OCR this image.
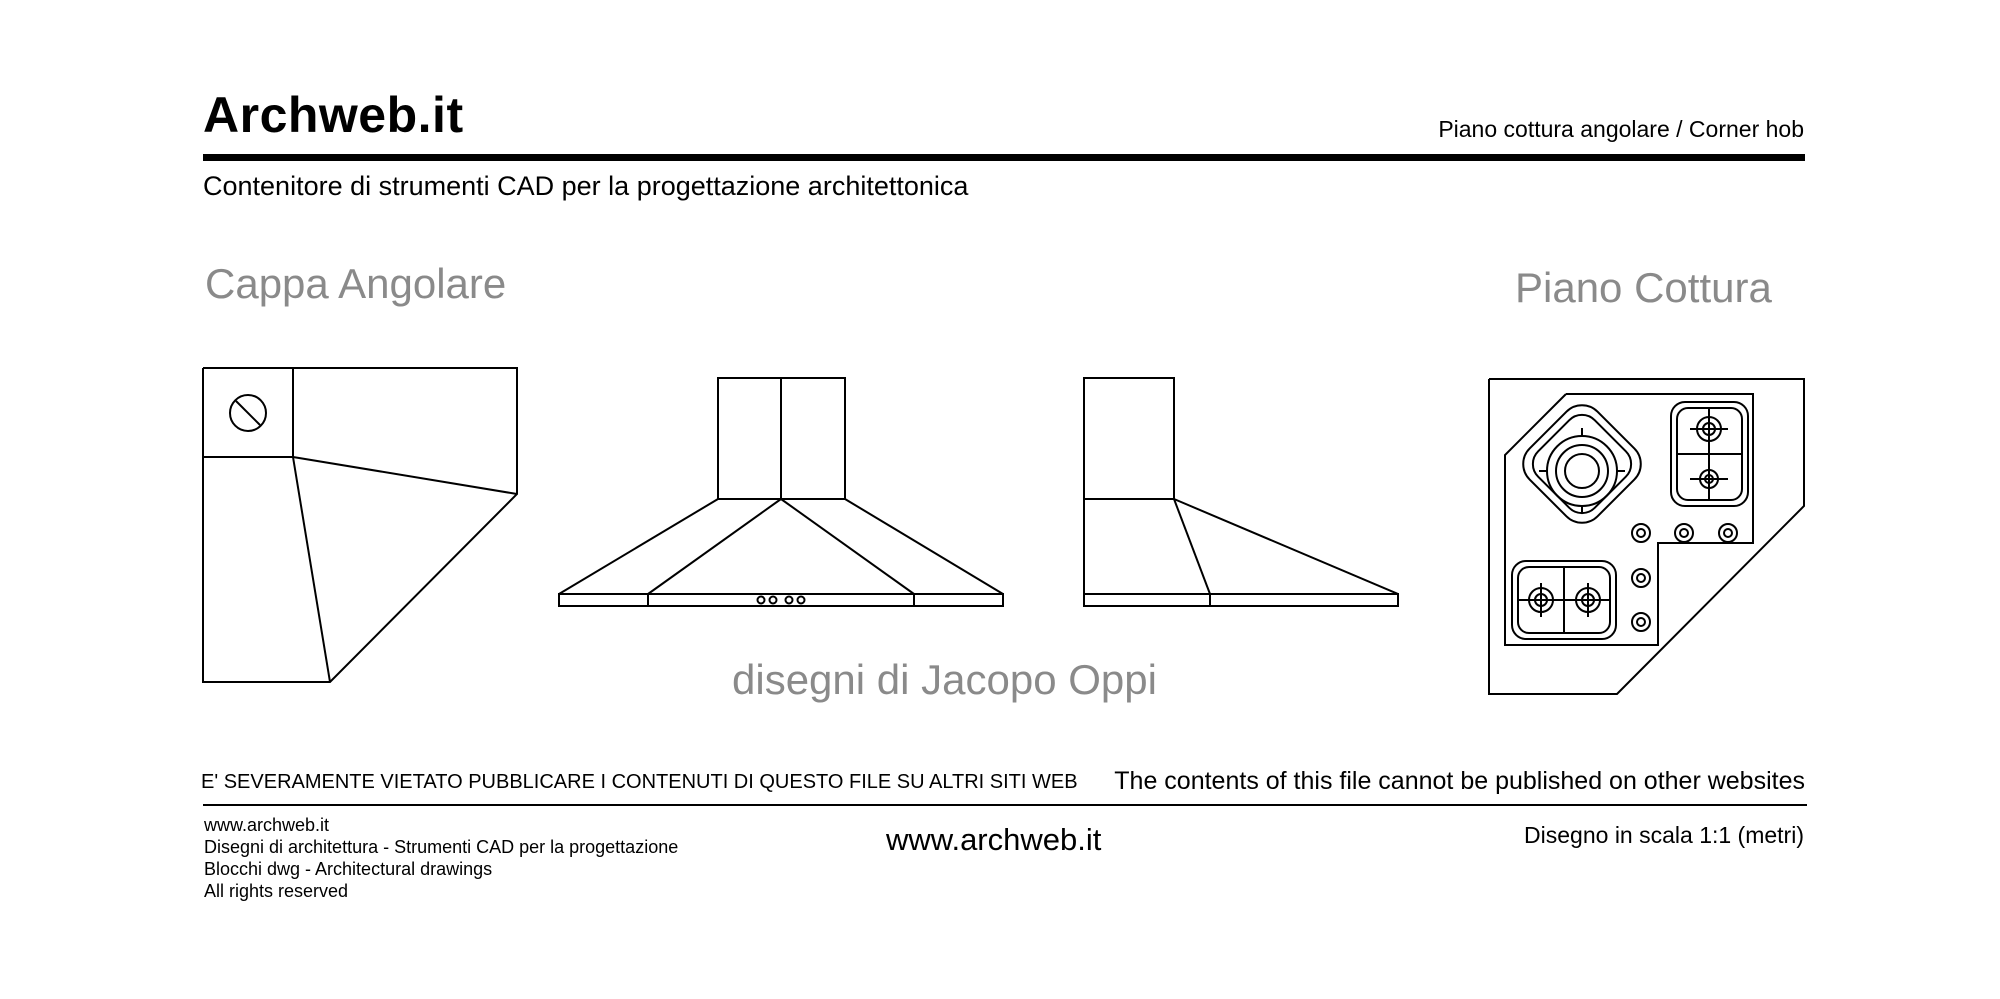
Archweb.it	Piano cottura angolare / Corner hob
Contenitore di strumenti CAD per la progettazione architettonica
Cappa Angolare	Piano Cottura
disegni di Jacopo Oppi
E' SEVERAMENTE VIETATO PUBBLICARE I CONTENUTI DI QUESTO FILE SU ALTRI SITI WEB The contents of this file cannot be published on other websites
www.archweb.it
Disegni di architettura - Strumenti CAD per la progettazione
Blocchi dwg - Architectural drawings
All rights reserved
www.archweb.it	Disegno in scala 1:1 (metri)
